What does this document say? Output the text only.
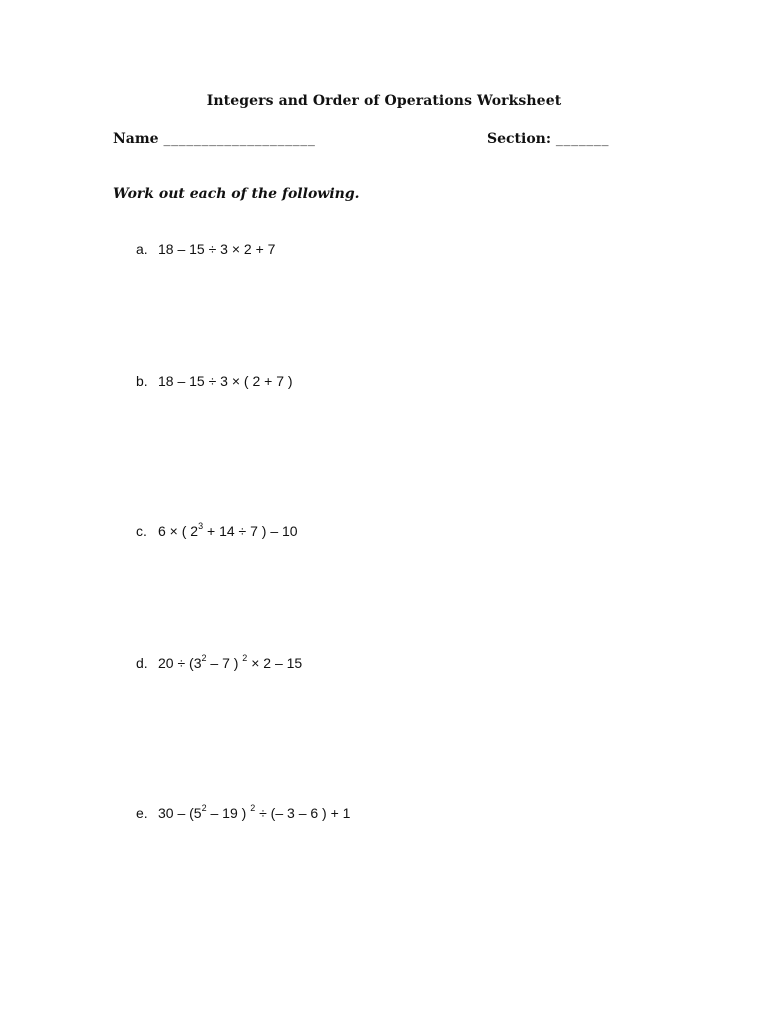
Integers and Order of Operations Worksheet
Name ____________________	Section: _______
Work out each of the following.
a. 18 – 15 ÷ 3 × 2 + 7
b. 18 – 15 ÷ 3 × ( 2 + 7 )
c. 6 × ( $2^3 + 14 \div 7$ ) – 10
d. $20 \div (3^2 - 7$ ) $^2$ × 2 – 15
e. $30 - (5^2 - 19$ ) $^2$ ÷ (– 3 – 6 ) + 1
